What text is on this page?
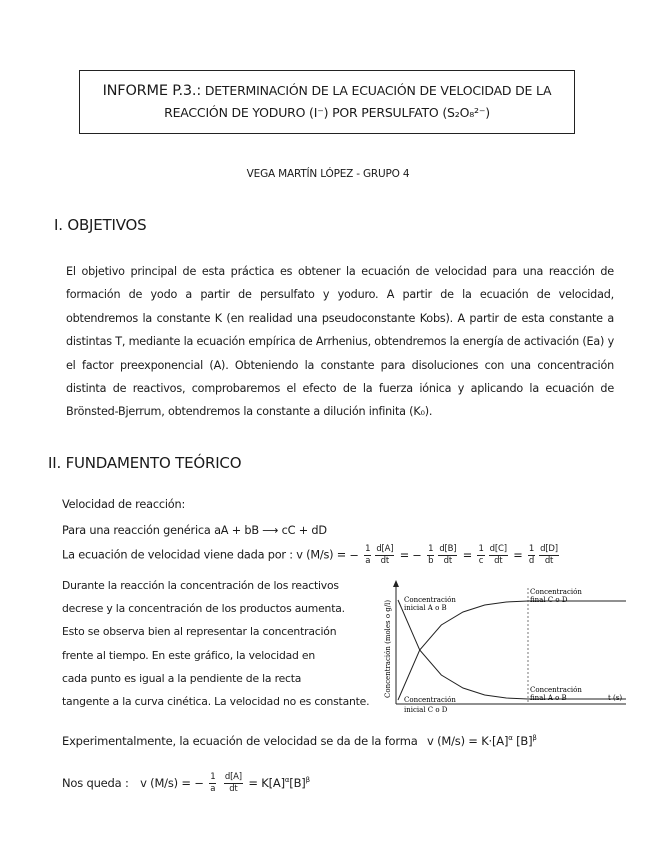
INFORME P.3.: DETERMINACIÓN DE LA ECUACIÓN DE VELOCIDAD DE LA
REACCIÓN DE YODURO (I⁻) POR PERSULFATO (S₂O₈²⁻)
VEGA MARTÍN LÓPEZ - GRUPO 4
I. OBJETIVOS
El objetivo principal de esta práctica es obtener la ecuación de velocidad para una reacción de formación de yodo a partir de persulfato y yoduro. A partir de la ecuación de velocidad, obtendremos la constante K (en realidad una pseudoconstante Kobs). A partir de esta constante a distintas T, mediante la ecuación empírica de Arrhenius, obtendremos la energía de activación (Ea) y el factor preexponencial (A). Obteniendo la constante para disoluciones con una concentración distinta de reactivos, comprobaremos el efecto de la fuerza iónica y aplicando la ecuación de Brönsted-Bjerrum, obtendremos la constante a dilución infinita (K₀).
II. FUNDAMENTO TEÓRICO
Velocidad de reacción:
Para una reacción genérica aA + bB ⟶ cC + dD
La ecuación de velocidad viene dada por : v (M/s) = − $\frac{1}{a} \frac{d[A]}{dt}$ = − $\frac{1}{b} \frac{d[B]}{dt} = \frac{1}{c} \frac{d[C]}{dt} = \frac{1}{d} \frac{d[D]}{dt}$
Durante la reacción la concentración de los reactivos
decrese y la concentración de los productos aumenta.
Esto se observa bien al representar la concentración
frente al tiempo. En este gráfico, la velocidad en
cada punto es igual a la pendiente de la recta
tangente a la curva cinética. La velocidad no es constante.
Concentración (moles o g/l)	t (s)
Concentración
inicial A o B
Concentración
final C o D
Concentración
inicial C o D
Concentración
final A o B
Experimentalmente, la ecuación de velocidad se da de la forma v $(M/s) = K\cdot[A]^\alpha$ $[B]^\beta$
Nos queda : v (M/s) = − $\frac{1}{a}$
$\frac{d[A]}{dt} = K[A]^\alpha[B]^\beta$
